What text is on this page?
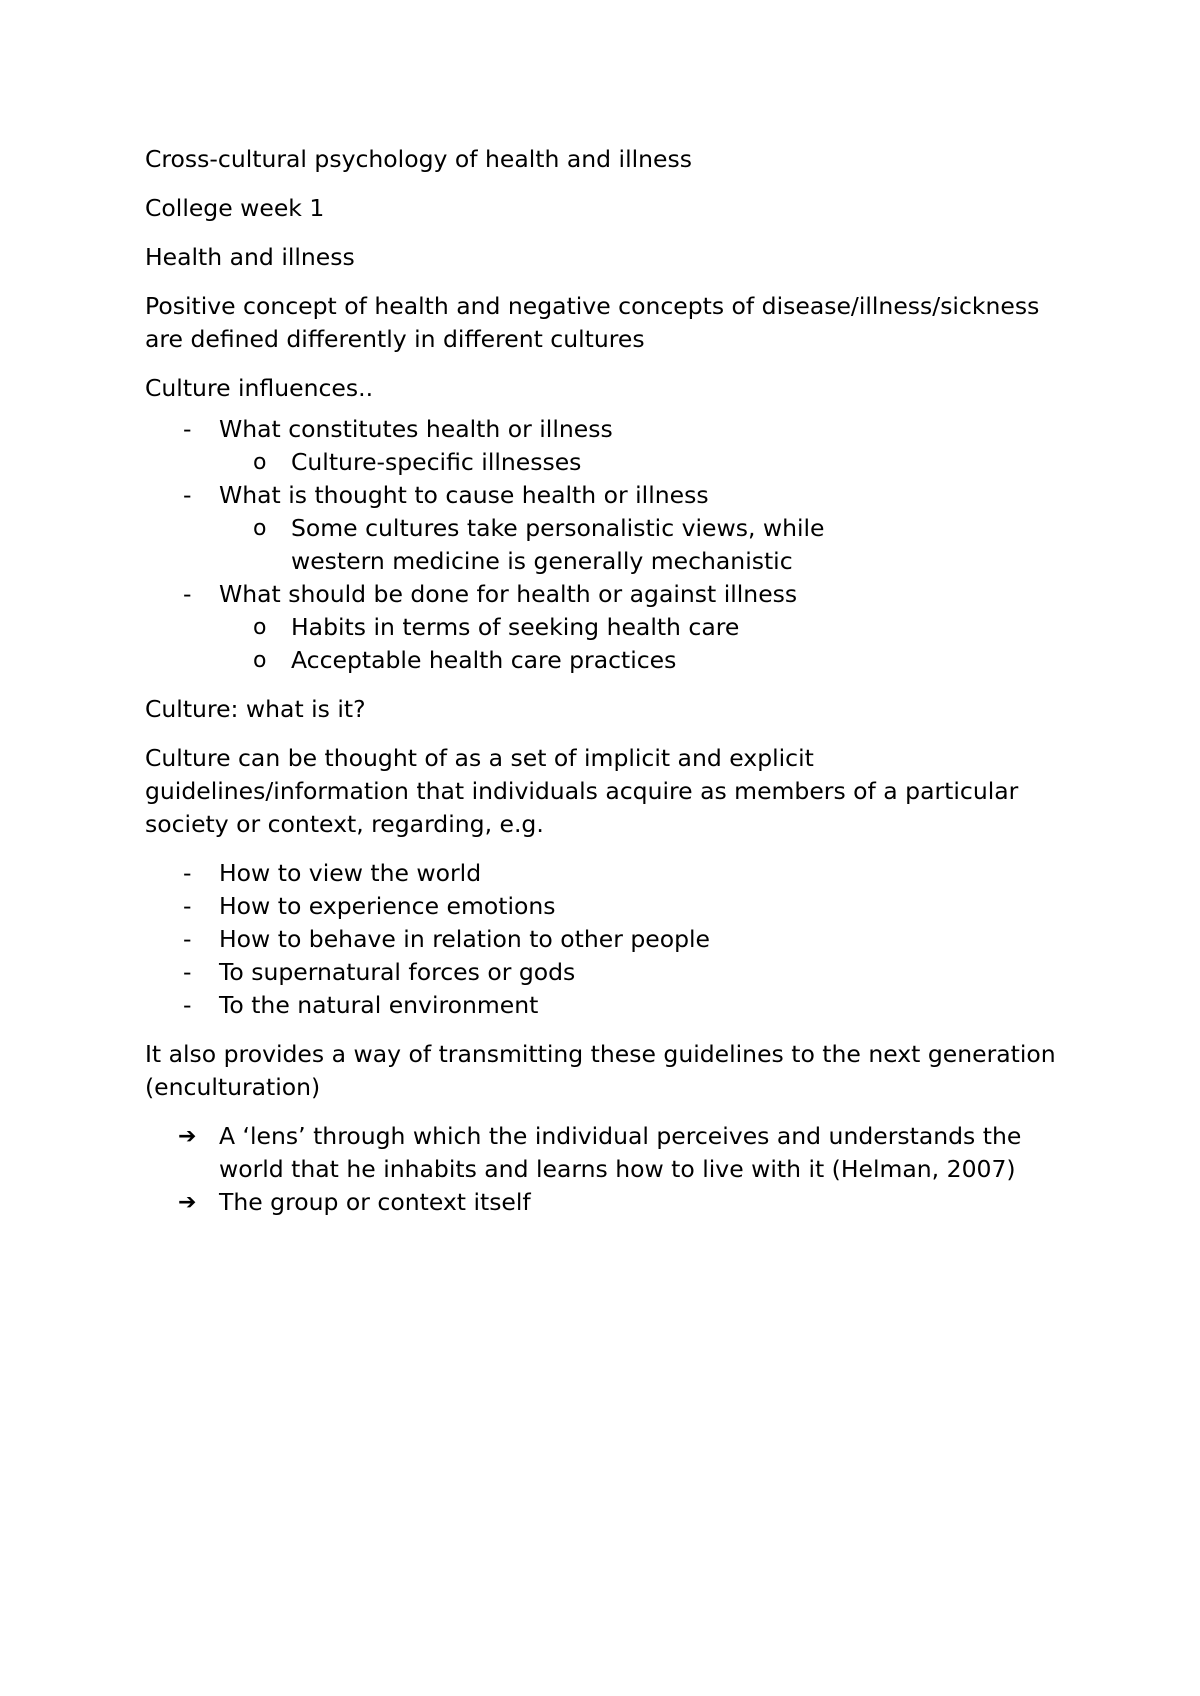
Cross-cultural psychology of health and illness

College week 1

Health and illness

Positive concept of health and negative concepts of disease/illness/sickness are defined differently in different cultures

Culture influences..

- What constitutes health or illness
o Culture-specific illnesses
- What is thought to cause health or illness
o Some cultures take personalistic views, while western medicine is generally mechanistic
- What should be done for health or against illness
o Habits in terms of seeking health care
o Acceptable health care practices

Culture: what is it?

Culture can be thought of as a set of implicit and explicit guidelines/information that individuals acquire as members of a particular society or context, regarding, e.g.

- How to view the world
- How to experience emotions
- How to behave in relation to other people
- To supernatural forces or gods
- To the natural environment

It also provides a way of transmitting these guidelines to the next generation (enculturation)

➔ A ‘lens’ through which the individual perceives and understands the world that he inhabits and learns how to live with it (Helman, 2007)
➔ The group or context itself
